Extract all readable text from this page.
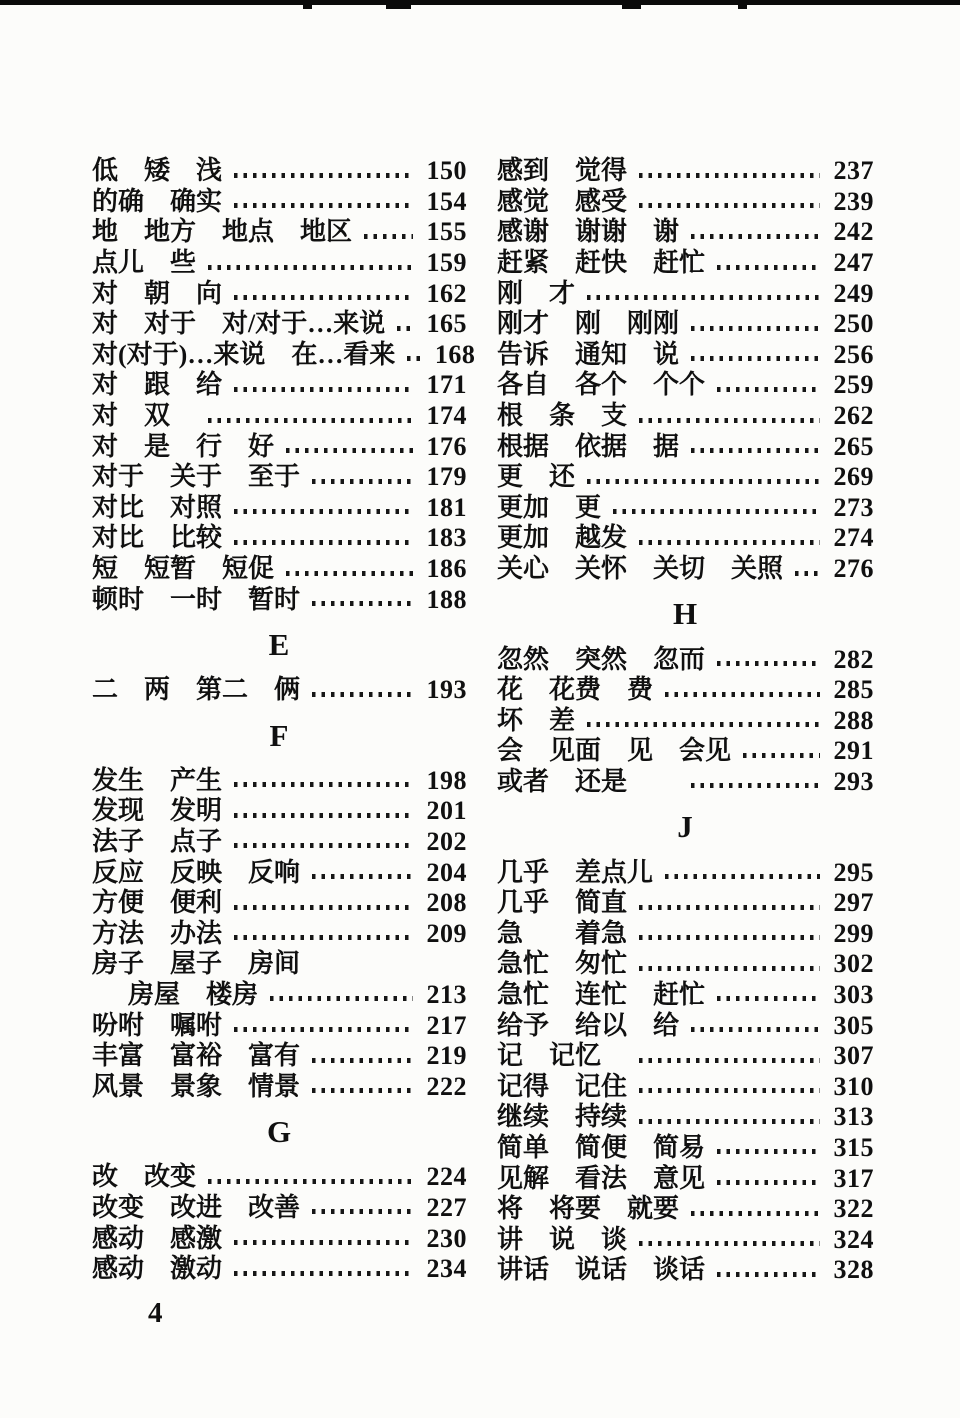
低　矮　浅	150
的确　确实	154
地　地方　地点　地区	155
点儿　些	159
对　朝　向	162
对　对于　对/对于…来说 165
对(对于)…来说　在…看来 168
对　跟　给	171
对　双　	174
对　是　行　好	176
对于　关于　至于	179
对比　对照	181
对比　比较	183
短　短暂　短促	186
顿时　一时　暂时	188
E
二　两　第二　俩	193
F
发生　产生	198
发现　发明	201
法子　点子	202
反应　反映　反响	204
方便　便利	208
方法　办法	209
房子　屋子　房间
房屋　楼房	213
吩咐　嘱咐	217
丰富　富裕　富有	219
风景　景象　情景	222
G
改　改变	224
改变　改进　改善	227
感动　感激	230
感动　激动	234
感到　觉得	237
感觉　感受	239
感谢　谢谢　谢	242
赶紧　赶快　赶忙	247
刚　才	249
刚才　刚　刚刚	250
告诉　通知　说	256
各自　各个　个个	259
根　条　支	262
根据　依据　据	265
更　还	269
更加　更	273
更加　越发	274
关心　关怀　关切　关照 276
H
忽然　突然　忽而	282
花　花费　费	285
坏　差	288
会　见面　见　会见	291
或者　还是　　	293
J
几乎　差点儿	295
几乎　简直	297
急　　着急	299
急忙　匆忙	302
急忙　连忙　赶忙	303
给予　给以　给	305
记　记忆　	307
记得　记住	310
继续　持续	313
简单　简便　简易	315
见解　看法　意见	317
将　将要　就要	322
讲　说　谈	324
讲话　说话　谈话	328
4
